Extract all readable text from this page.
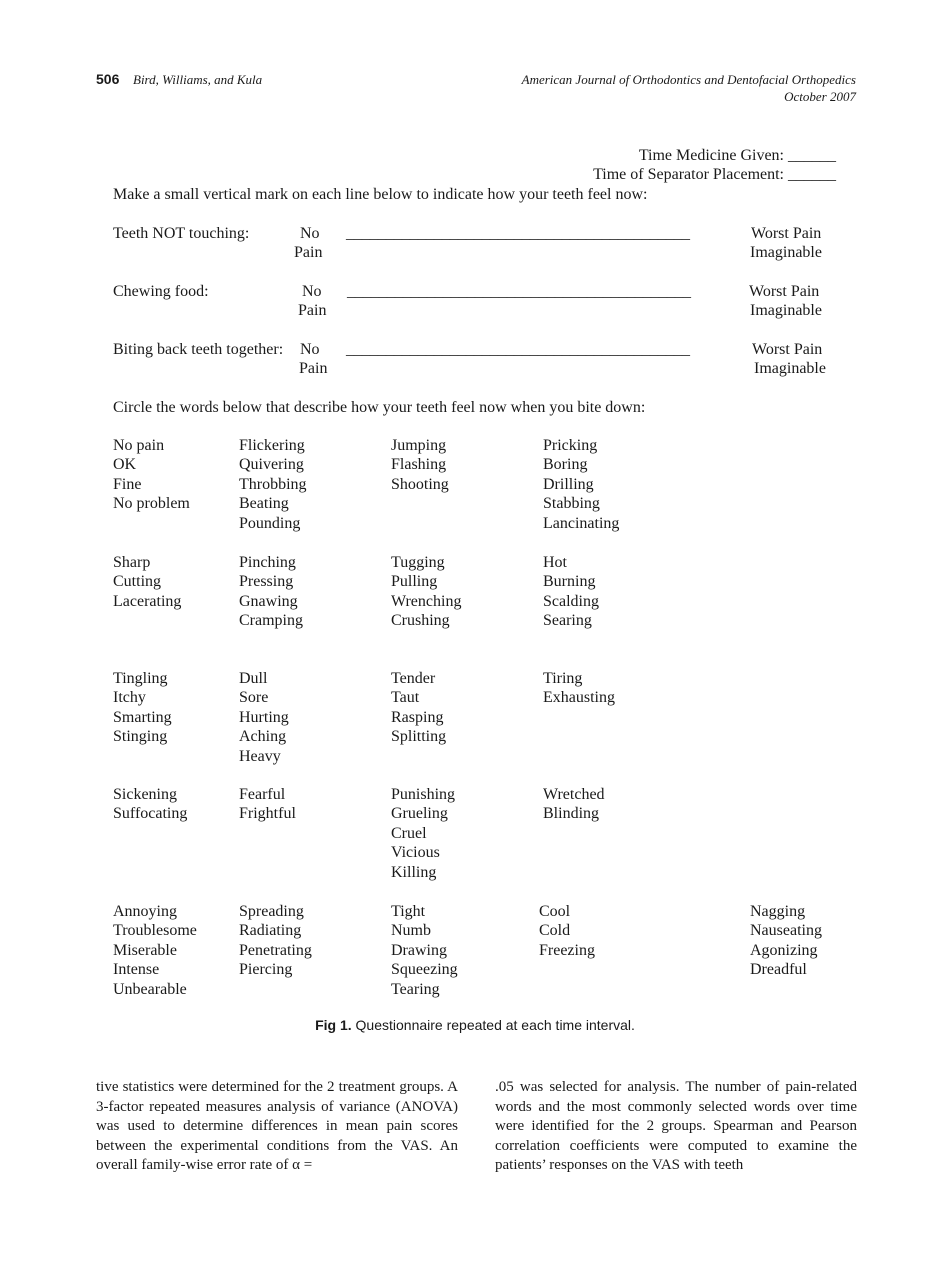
506 Bird, Williams, and Kula	American Journal of Orthodontics and Dentofacial Orthopedics
October 2007
Time Medicine Given: ______
Time of Separator Placement: ______
Make a small vertical mark on each line below to indicate how your teeth feel now:
Teeth NOT touching:	No
Pain
___________________________________________	Worst Pain
Imaginable
Chewing food:	No
Pain
___________________________________________	Worst Pain
Imaginable
Biting back teeth together: No
Pain
___________________________________________	Worst Pain
Imaginable
Circle the words below that describe how your teeth feel now when you bite down:
No pain
OK
Fine
No problem
Flickering
Quivering
Throbbing
Beating
Pounding
Jumping
Flashing
Shooting
Pricking
Boring
Drilling
Stabbing
Lancinating
Sharp
Cutting
Lacerating
Pinching
Pressing
Gnawing
Cramping
Tugging
Pulling
Wrenching
Crushing
Hot
Burning
Scalding
Searing
Tingling
Itchy
Smarting
Stinging
Dull
Sore
Hurting
Aching
Heavy
Tender
Taut
Rasping
Splitting
Tiring
Exhausting
Sickening
Suffocating
Fearful
Frightful
Punishing
Grueling
Cruel
Vicious
Killing
Wretched
Blinding
Annoying
Troublesome
Miserable
Intense
Unbearable
Spreading
Radiating
Penetrating
Piercing
Tight
Numb
Drawing
Squeezing
Tearing
Cool
Cold
Freezing
Nagging
Nauseating
Agonizing
Dreadful
Fig 1. Questionnaire repeated at each time interval.
tive statistics were determined for the 2 treatment groups. A 3-factor repeated measures analysis of variance (ANOVA) was used to determine differences in mean pain scores between the experimental conditions from the VAS. An overall family-wise error rate of α =
.05 was selected for analysis. The number of pain-related words and the most commonly selected words over time were identified for the 2 groups. Spearman and Pearson correlation coefficients were computed to examine the patients’ responses on the VAS with teeth
